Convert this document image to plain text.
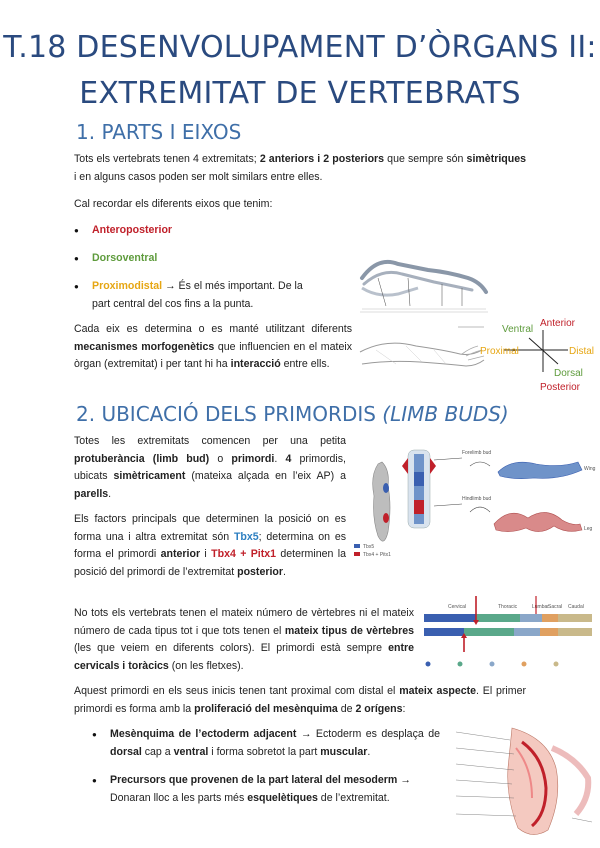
T.18 DESENVOLUPAMENT D’ÒRGANS II:
EXTREMITAT DE VERTEBRATS
1. PARTS I EIXOS
Tots els vertebrats tenen 4 extremitats; 2 anteriors i 2 posteriors que sempre són simètriques i en alguns casos poden ser molt similars entre elles.
Cal recordar els diferents eixos que tenim:
● Anteroposterior
● Dorsoventral
● Proximodistal → És el més important. De la
part central del cos fins a la punta.
Cada eix es determina o es manté utilitzant diferents mecanismes morfogenètics que influencien en el mateix òrgan (extremitat) i per tant hi ha interacció entre ells.
Anterior
Ventral
Proximal	Distal
Dorsal
Posterior
2. UBICACIÓ DELS PRIMORDIS (LIMB BUDS)
Totes les extremitats comencen per una petita protuberància (limb bud) o primordi. 4 primordis, ubicats simètricament (mateixa alçada en l’eix AP) a parells.
Els factors principals que determinen la posició on es forma una i altra extremitat són Tbx5; determina on es forma el primordi anterior i Tbx4 + Pitx1 determinen la posició del primordi de l’extremitat posterior.
Tbx5
Tbx4 + Pitx1
Forelimb bud
Hindlimb bud
Wing
Leg
No tots els vertebrats tenen el mateix número de vèrtebres ni el mateix número de cada tipus tot i que tots tenen el mateix tipus de vèrtebres (les que veiem en diferents colors). El primordi està sempre entre cervicals i toràcics (on les fletxes).
Cervical	Thoracic	Lumbar Sacral Caudal
Aquest primordi en els seus inicis tenen tant proximal com distal el mateix aspecte. El primer primordi es forma amb la proliferació del mesènquima de 2 orígens:
● Mesènquima de l’ectoderm adjacent → Ectoderm es desplaça de dorsal cap a ventral i forma sobretot la part muscular.
● Precursors que provenen de la part lateral del mesoderm → Donaran lloc a les parts més esquelètiques de l’extremitat.
